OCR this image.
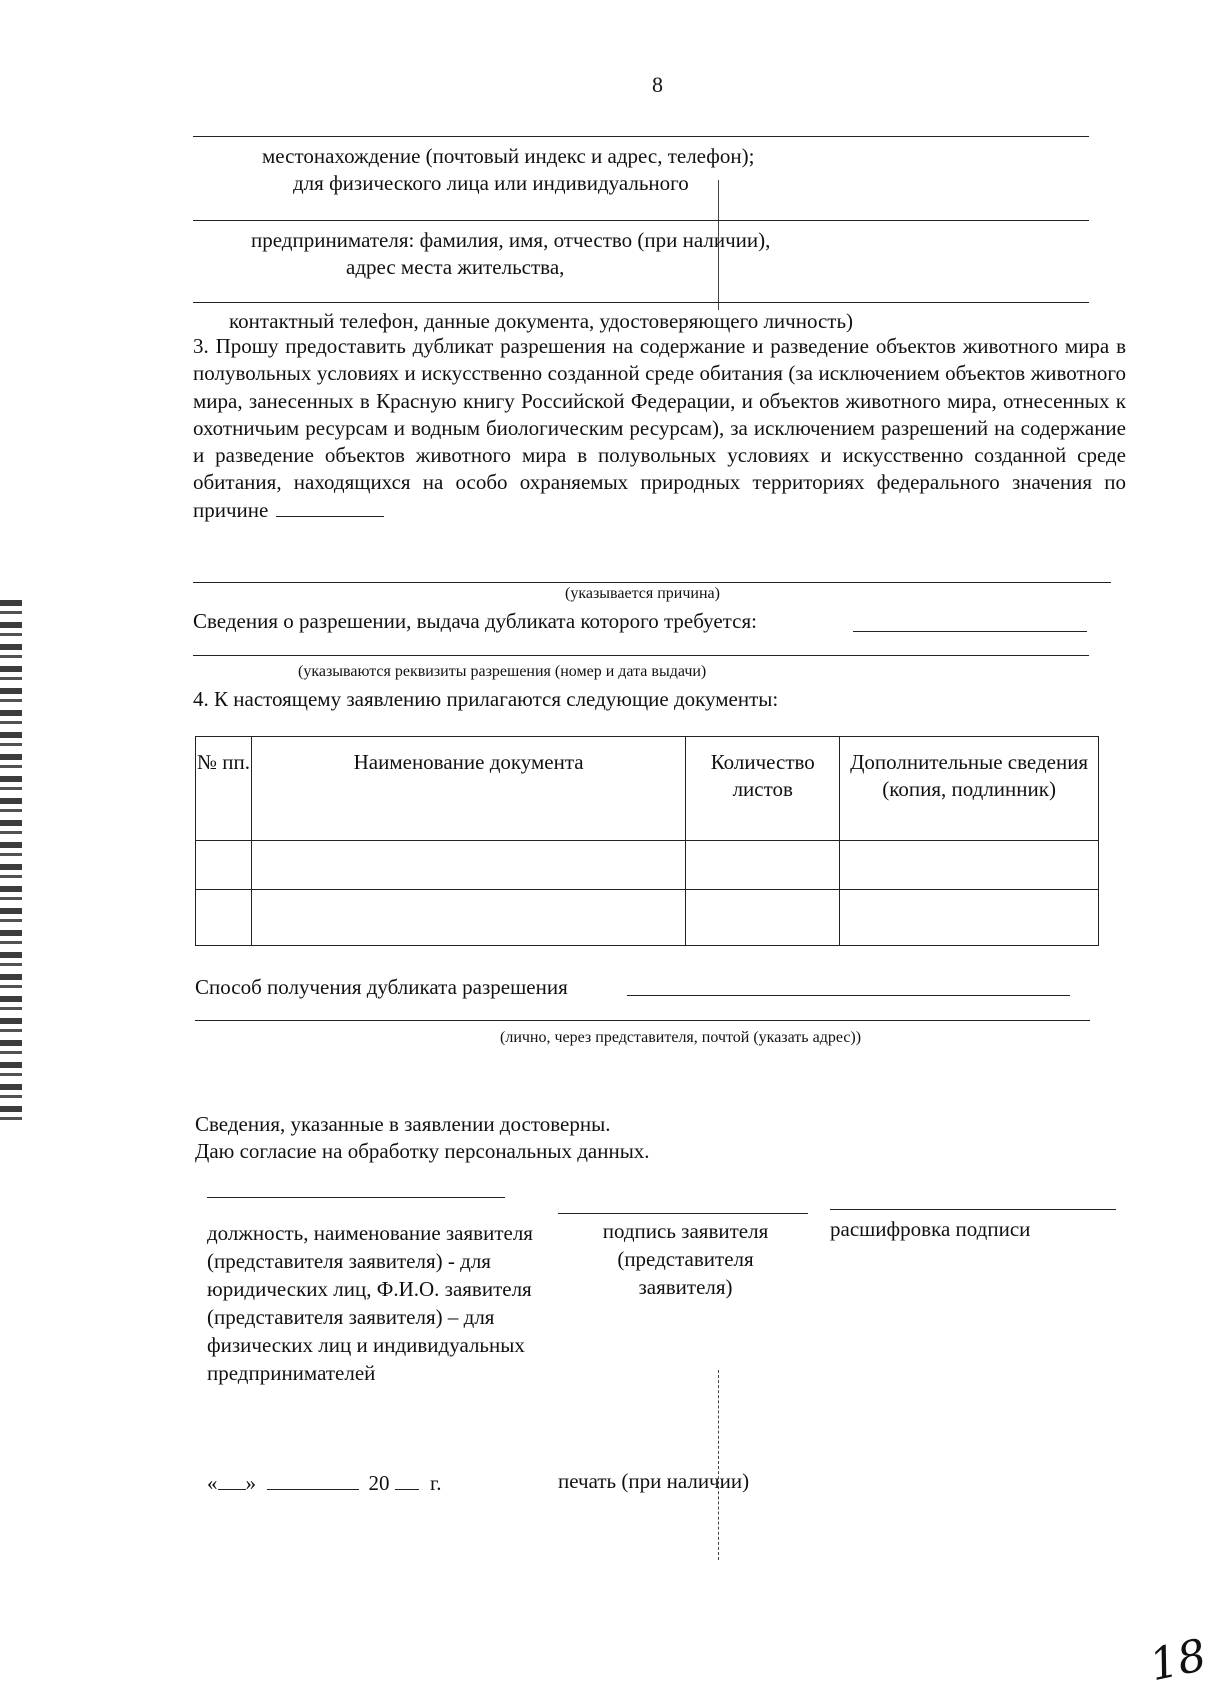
8
местонахождение (почтовый индекс и адрес, телефон);
для физического лица или индивидуального
предпринимателя: фамилия, имя, отчество (при наличии),
адрес места жительства,
контактный телефон, данные документа, удостоверяющего личность)
3. Прошу предоставить дубликат разрешения на содержание и разведение объектов животного мира в полувольных условиях и искусственно созданной среде обитания (за исключением объектов животного мира, занесенных в Красную книгу Российской Федерации, и объектов животного мира, отнесенных к охотничьим ресурсам и водным биологическим ресурсам), за исключением разрешений на содержание и разведение объектов животного мира в полувольных условиях и искусственно созданной среде обитания, находящихся на особо охраняемых природных территориях федерального значения по причине
(указывается причина)
Сведения о разрешении, выдача дубликата которого требуется:
(указываются реквизиты разрешения (номер и дата выдачи)
4. К настоящему заявлению прилагаются следующие документы:
№ пп.	Наименование документа	Количество листов	Дополнительные сведения (копия, подлинник)

Способ получения дубликата разрешения
(лично, через представителя, почтой (указать адрес))
Сведения, указанные в заявлении достоверны.
Даю согласие на обработку персональных данных.
должность, наименование заявителя (представителя заявителя) - для юридических лиц, Ф.И.О. заявителя (представителя заявителя) – для физических лиц и индивидуальных предпринимателей
подпись заявителя (представителя заявителя)
расшифровка подписи
« »	20 г.	печать (при наличии)
18
